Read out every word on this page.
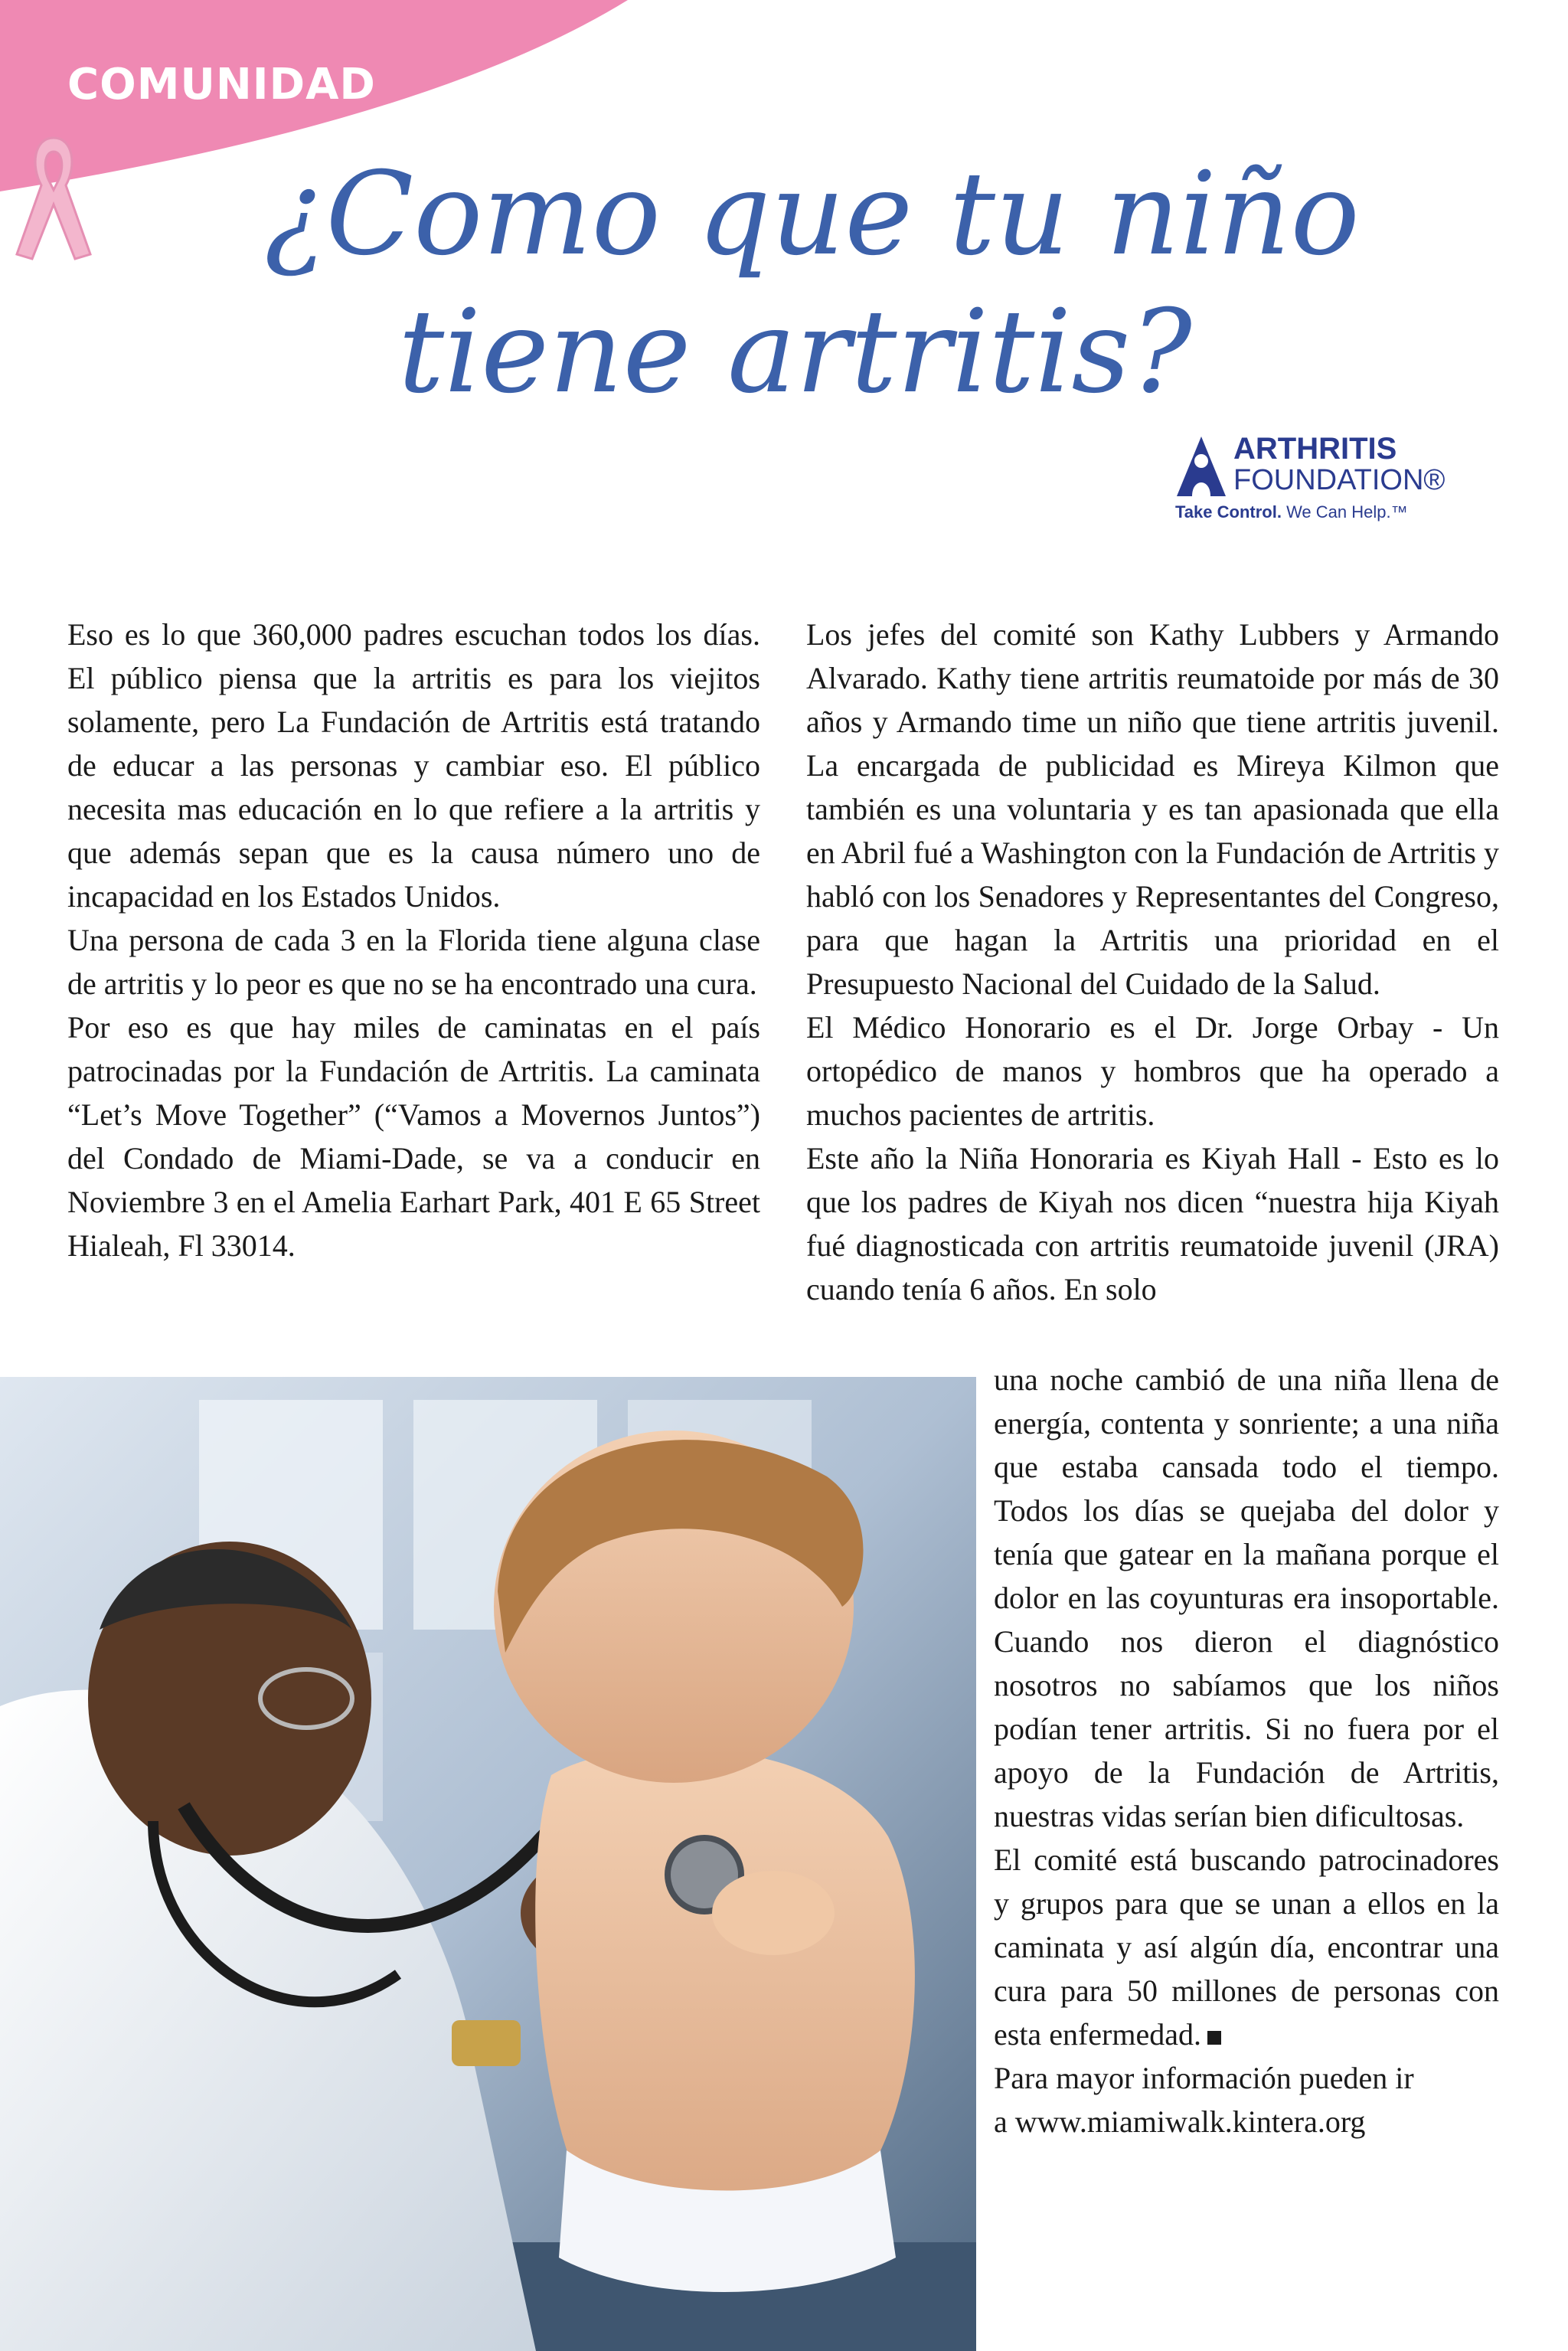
COMUNIDAD
¿Como que tu niño
tiene artritis?
ARTHRITIS
FOUNDATION®
Take Control. We Can Help.™

Eso es lo que 360,000 padres escuchan todos los días. El público piensa que la artritis es para los viejitos solamente, pero La Fundación de Artritis está tratando de educar a las personas y cambiar eso. El público necesita mas educación en lo que refiere a la artritis y que además sepan que es la causa número uno de incapacidad en los Estados Unidos.

Una persona de cada 3 en la Florida tiene alguna clase de artritis y lo peor es que no se ha encontrado una cura.

Por eso es que hay miles de caminatas en el país patrocinadas por la Fundación de Artritis. La caminata “Let’s Move Together” (“Vamos a Movernos Juntos”) del Condado de Miami-Dade, se va a conducir en Noviembre 3 en el Amelia Earhart Park, 401 E 65 Street Hialeah, Fl 33014.

Los jefes del comité son Kathy Lubbers y Armando Alvarado. Kathy tiene artritis reumatoide por más de 30 años y Armando time un niño que tiene artritis juvenil. La encargada de publicidad es Mireya Kilmon que también es una voluntaria y es tan apasionada que ella en Abril fué a Washington con la Fundación de Artritis y habló con los Senadores y Representantes del Congreso, para que hagan la Artritis una prioridad en el Presupuesto Nacional del Cuidado de la Salud.

El Médico Honorario es el Dr. Jorge Orbay - Un ortopédico de manos y hombros que ha operado a muchos pacientes de artritis.

Este año la Niña Honoraria es Kiyah Hall - Esto es lo que los padres de Kiyah nos dicen “nuestra hija Kiyah fué diagnosticada con artritis reumatoide juvenil (JRA) cuando tenía 6 años. En solo

una noche cambió de una niña llena de energía, contenta y sonriente; a una niña que estaba cansada todo el tiempo. Todos los días se quejaba del dolor y tenía que gatear en la mañana porque el dolor en las coyunturas era insoportable. Cuando nos dieron el diagnóstico nosotros no sabíamos que los niños podían tener artritis. Si no fuera por el apoyo de la Fundación de Artritis, nuestras vidas serían bien dificultosas.

El comité está buscando patrocinadores y grupos para que se unan a ellos en la caminata y así algún día, encontrar una cura para 50 millones de personas con esta enfermedad.

Para mayor información pueden ir

a www.miamiwalk.kintera.org
